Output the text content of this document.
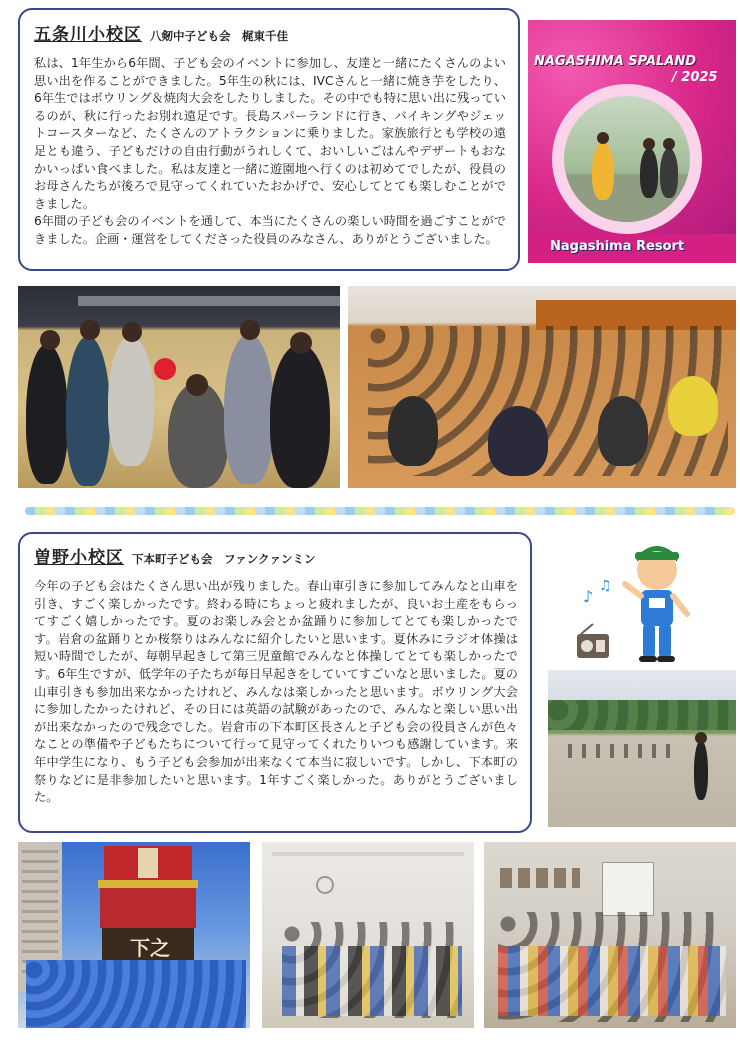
五条川小校区 八剱中子ども会　梶東千佳

私は、1年生から6年間、子ども会のイベントに参加し、友達と一緒にたくさんのよい思い出を作ることができました。5年生の秋には、IVCさんと一緒に焼き芋をしたり、6年生ではボウリング＆焼肉大会をしたりしました。その中でも特に思い出に残っているのが、秋に行ったお別れ遠足です。長島スパーランドに行き、バイキングやジェットコースターなど、たくさんのアトラクションに乗りました。家族旅行とも学校の遠足とも違う、子どもだけの自由行動がうれしくて、おいしいごはんやデザートもおなかいっぱい食べました。私は友達と一緒に遊園地へ行くのは初めてでしたが、役員のお母さんたちが後ろで見守ってくれていたおかげで、安心してとても楽しむことができました。
6年間の子ども会のイベントを通して、本当にたくさんの楽しい時間を過ごすことができました。企画・運営をしてくださった役員のみなさん、ありがとうございました。

NAGASHIMA SPALAND
/ 2025
Nagashima Resort
曽野小校区 下本町子ども会　ファンクァンミン

今年の子ども会はたくさん思い出が残りました。春山車引きに参加してみんなと山車を引き、すごく楽しかったです。終わる時にちょっと疲れましたが、良いお土産をもらってすごく嬉しかったです。夏のお楽しみ会とか盆踊りに参加してとても楽しかったです。岩倉の盆踊りとか桜祭りはみんなに紹介したいと思います。夏休みにラジオ体操は短い時間でしたが、毎朝早起きして第三児童館でみんなと体操してとても楽しかったです。6年生ですが、低学年の子たちが毎日早起きをしていてすごいなと思いました。夏の山車引きも参加出来なかったけれど、みんなは楽しかったと思います。ボウリング大会に参加したかったけれど、その日には英語の試験があったので、みんなと楽しい思い出が出来なかったので残念でした。岩倉市の下本町区長さんと子ども会の役員さんが色々なことの準備や子どもたちについて行って見守ってくれたりいつも感謝しています。来年中学生になり、もう子ども会参加が出来なくて本当に寂しいです。しかし、下本町の祭りなどに是非参加したいと思います。1年すごく楽しかった。ありがとうございました。

♪
♫
下之
